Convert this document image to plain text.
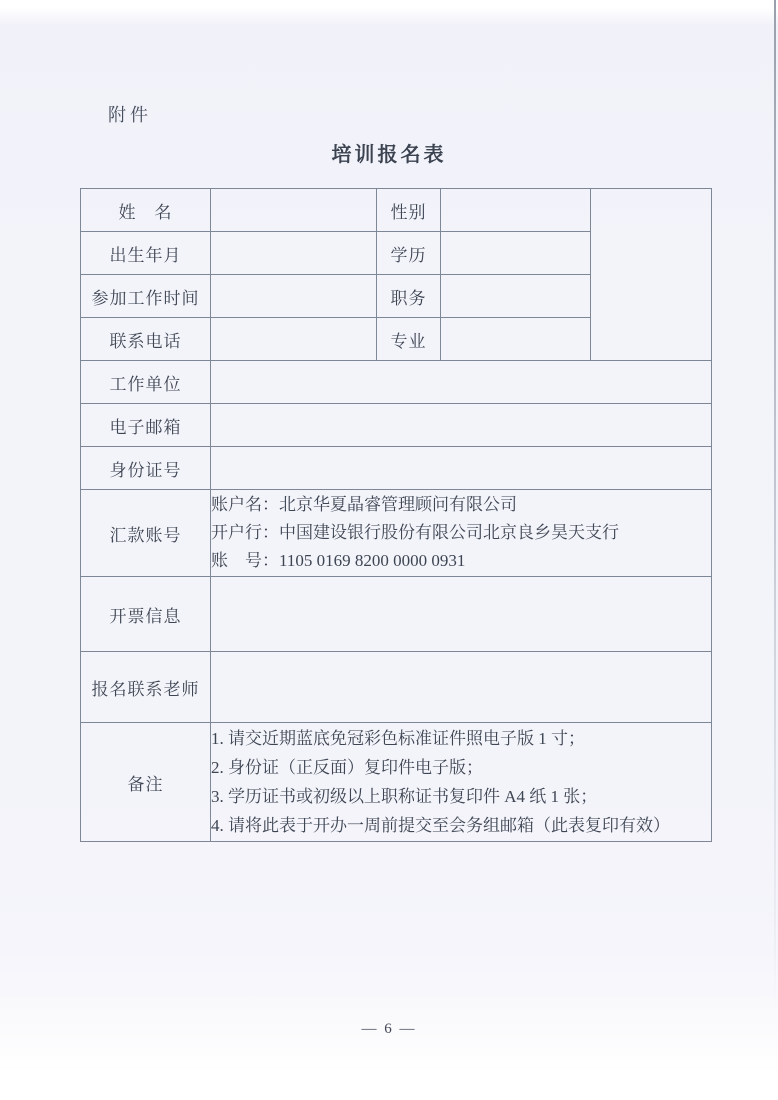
附件
培训报名表
姓　名		性别		
出生年月		学历		
参加工作时间		职务		
联系电话		专业		
工作单位				
电子邮箱				
身份证号				
汇款账号	账户名：北京华夏晶睿管理顾问有限公司
开户行：中国建设银行股份有限公司北京良乡昊天支行
账　号：1105 0169 8200 0000 0931			

开票信息				
报名联系老师				
备注	1. 请交近期蓝底免冠彩色标准证件照电子版 1 寸；
2. 身份证（正反面）复印件电子版；
3. 学历证书或初级以上职称证书复印件 A4 纸 1 张；
4. 请将此表于开办一周前提交至会务组邮箱（此表复印有效）			
— 6 —
